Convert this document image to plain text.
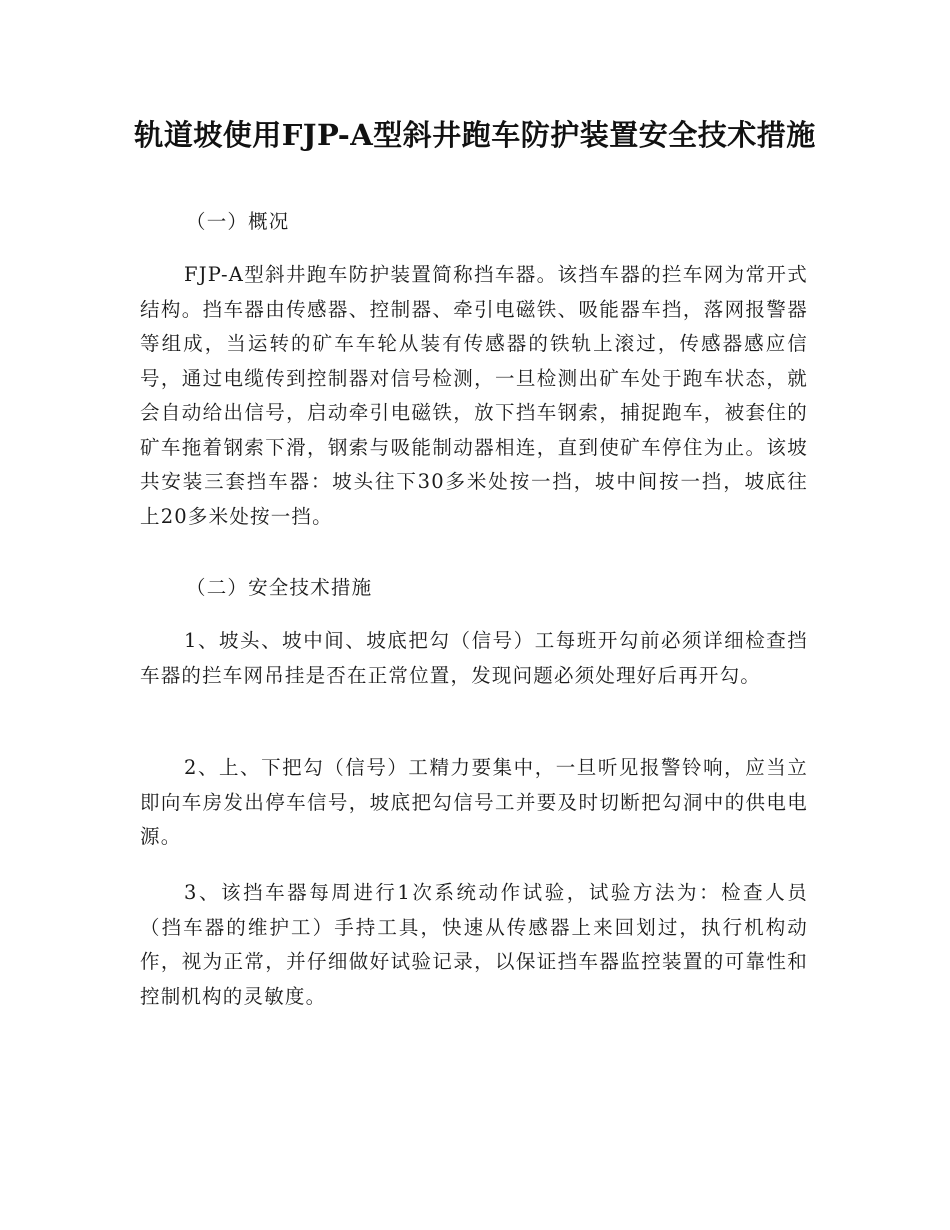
轨道坡使用FJP-A型斜井跑车防护装置安全技术措施
（一）概况
FJP-A型斜井跑车防护装置简称挡车器。该挡车器的拦车网为常开式结构。挡车器由传感器、控制器、牵引电磁铁、吸能器车挡，落网报警器等组成，当运转的矿车车轮从装有传感器的铁轨上滚过，传感器感应信号，通过电缆传到控制器对信号检测，一旦检测出矿车处于跑车状态，就会自动给出信号，启动牵引电磁铁，放下挡车钢索，捕捉跑车，被套住的矿车拖着钢索下滑，钢索与吸能制动器相连，直到使矿车停住为止。该坡共安装三套挡车器：坡头往下30多米处按一挡，坡中间按一挡，坡底往上20多米处按一挡。
（二）安全技术措施
1、坡头、坡中间、坡底把勾（信号）工每班开勾前必须详细检查挡车器的拦车网吊挂是否在正常位置，发现问题必须处理好后再开勾。
2、上、下把勾（信号）工精力要集中，一旦听见报警铃响，应当立即向车房发出停车信号，坡底把勾信号工并要及时切断把勾洞中的供电电源。
3、该挡车器每周进行1次系统动作试验，试验方法为：检查人员（挡车器的维护工）手持工具，快速从传感器上来回划过，执行机构动作，视为正常，并仔细做好试验记录，以保证挡车器监控装置的可靠性和控制机构的灵敏度。
